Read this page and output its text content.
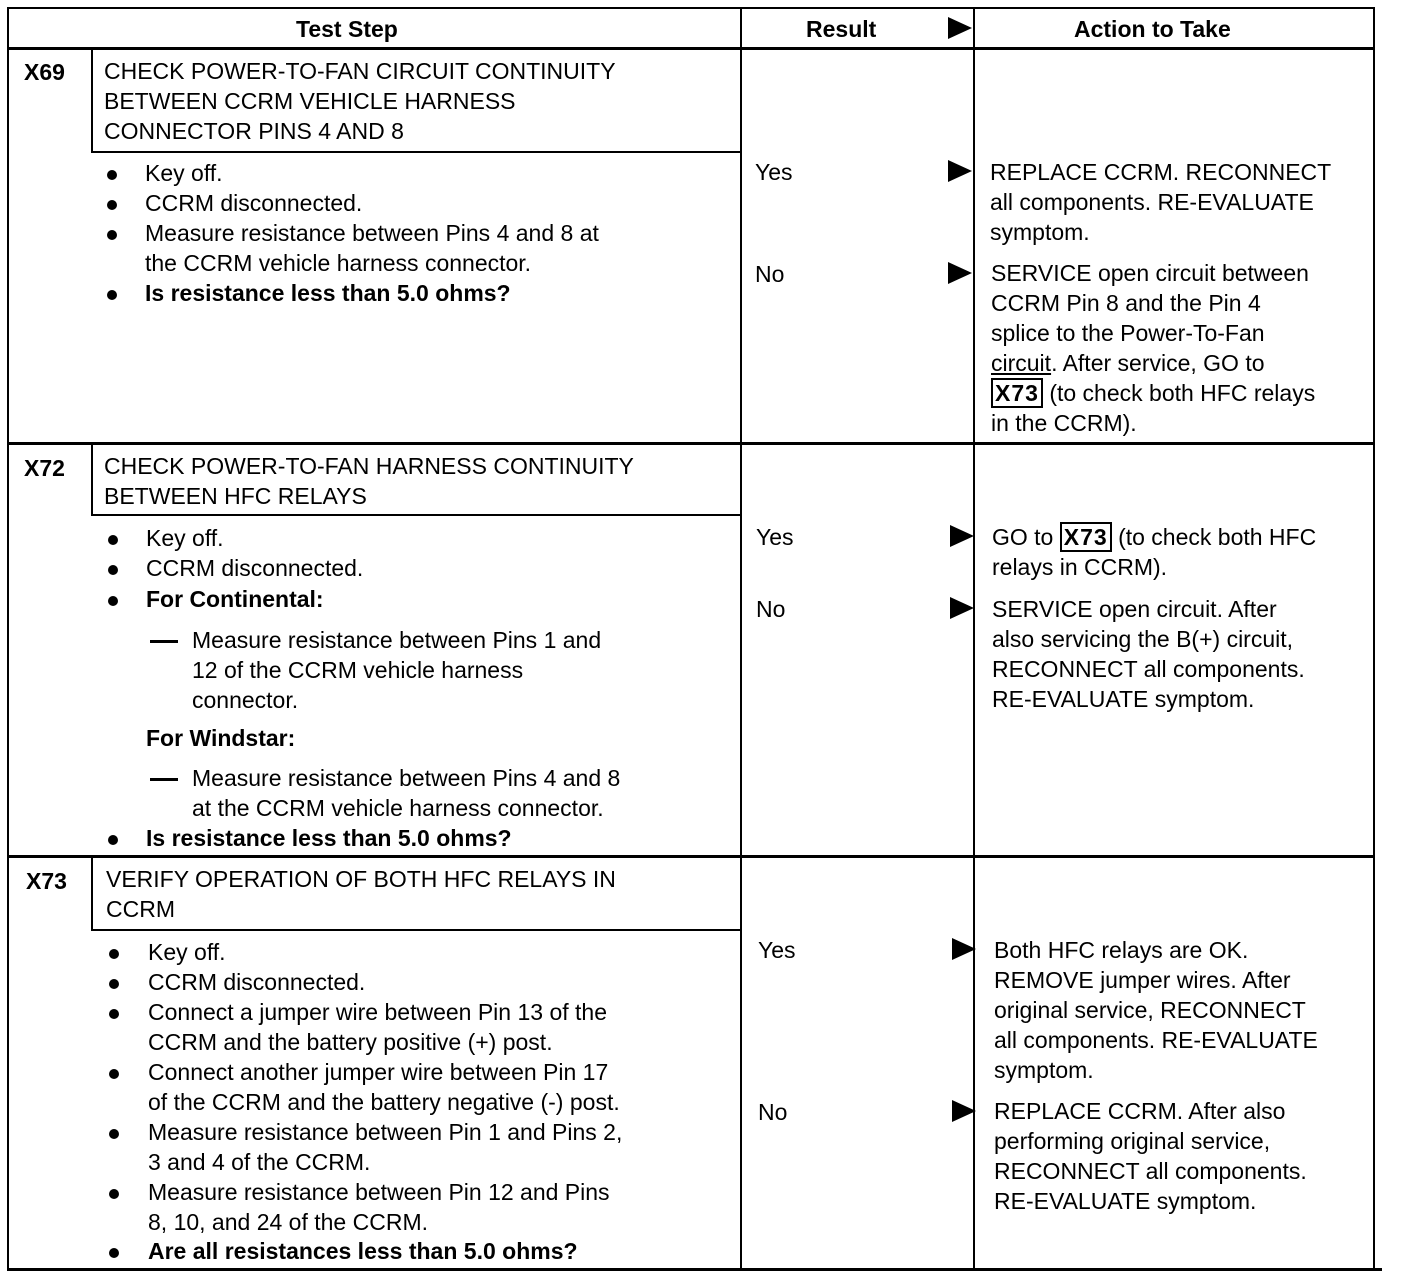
Test Step	Result	Action to Take
X69 CHECK POWER-TO-FAN CIRCUIT CONTINUITY
BETWEEN CCRM VEHICLE HARNESS
CONNECTOR PINS 4 AND 8
Key off.
CCRM disconnected.
Measure resistance between Pins 4 and 8 at
the CCRM vehicle harness connector.
Is resistance less than 5.0 ohms?
Yes
No
REPLACE CCRM. RECONNECT
all components. RE-EVALUATE
symptom.
SERVICE open circuit between
CCRM Pin 8 and the Pin 4
splice to the Power-To-Fan
circuit. After service, GO to
X73 (to check both HFC relays
in the CCRM).
X72 CHECK POWER-TO-FAN HARNESS CONTINUITY
BETWEEN HFC RELAYS
Key off.
CCRM disconnected.
For Continental:
Measure resistance between Pins 1 and
12 of the CCRM vehicle harness
connector.
For Windstar:
Measure resistance between Pins 4 and 8
at the CCRM vehicle harness connector.
Is resistance less than 5.0 ohms?
Yes
No
GO to X73 (to check both HFC
relays in CCRM).
SERVICE open circuit. After
also servicing the B(+) circuit,
RECONNECT all components.
RE-EVALUATE symptom.
X73 VERIFY OPERATION OF BOTH HFC RELAYS IN
CCRM
Key off.
CCRM disconnected.
Connect a jumper wire between Pin 13 of the
CCRM and the battery positive (+) post.
Connect another jumper wire between Pin 17
of the CCRM and the battery negative (-) post.
Measure resistance between Pin 1 and Pins 2,
3 and 4 of the CCRM.
Measure resistance between Pin 12 and Pins
8, 10, and 24 of the CCRM.
Are all resistances less than 5.0 ohms?
Yes
No
Both HFC relays are OK.
REMOVE jumper wires. After
original service, RECONNECT
all components. RE-EVALUATE
symptom.
REPLACE CCRM. After also
performing original service,
RECONNECT all components.
RE-EVALUATE symptom.
